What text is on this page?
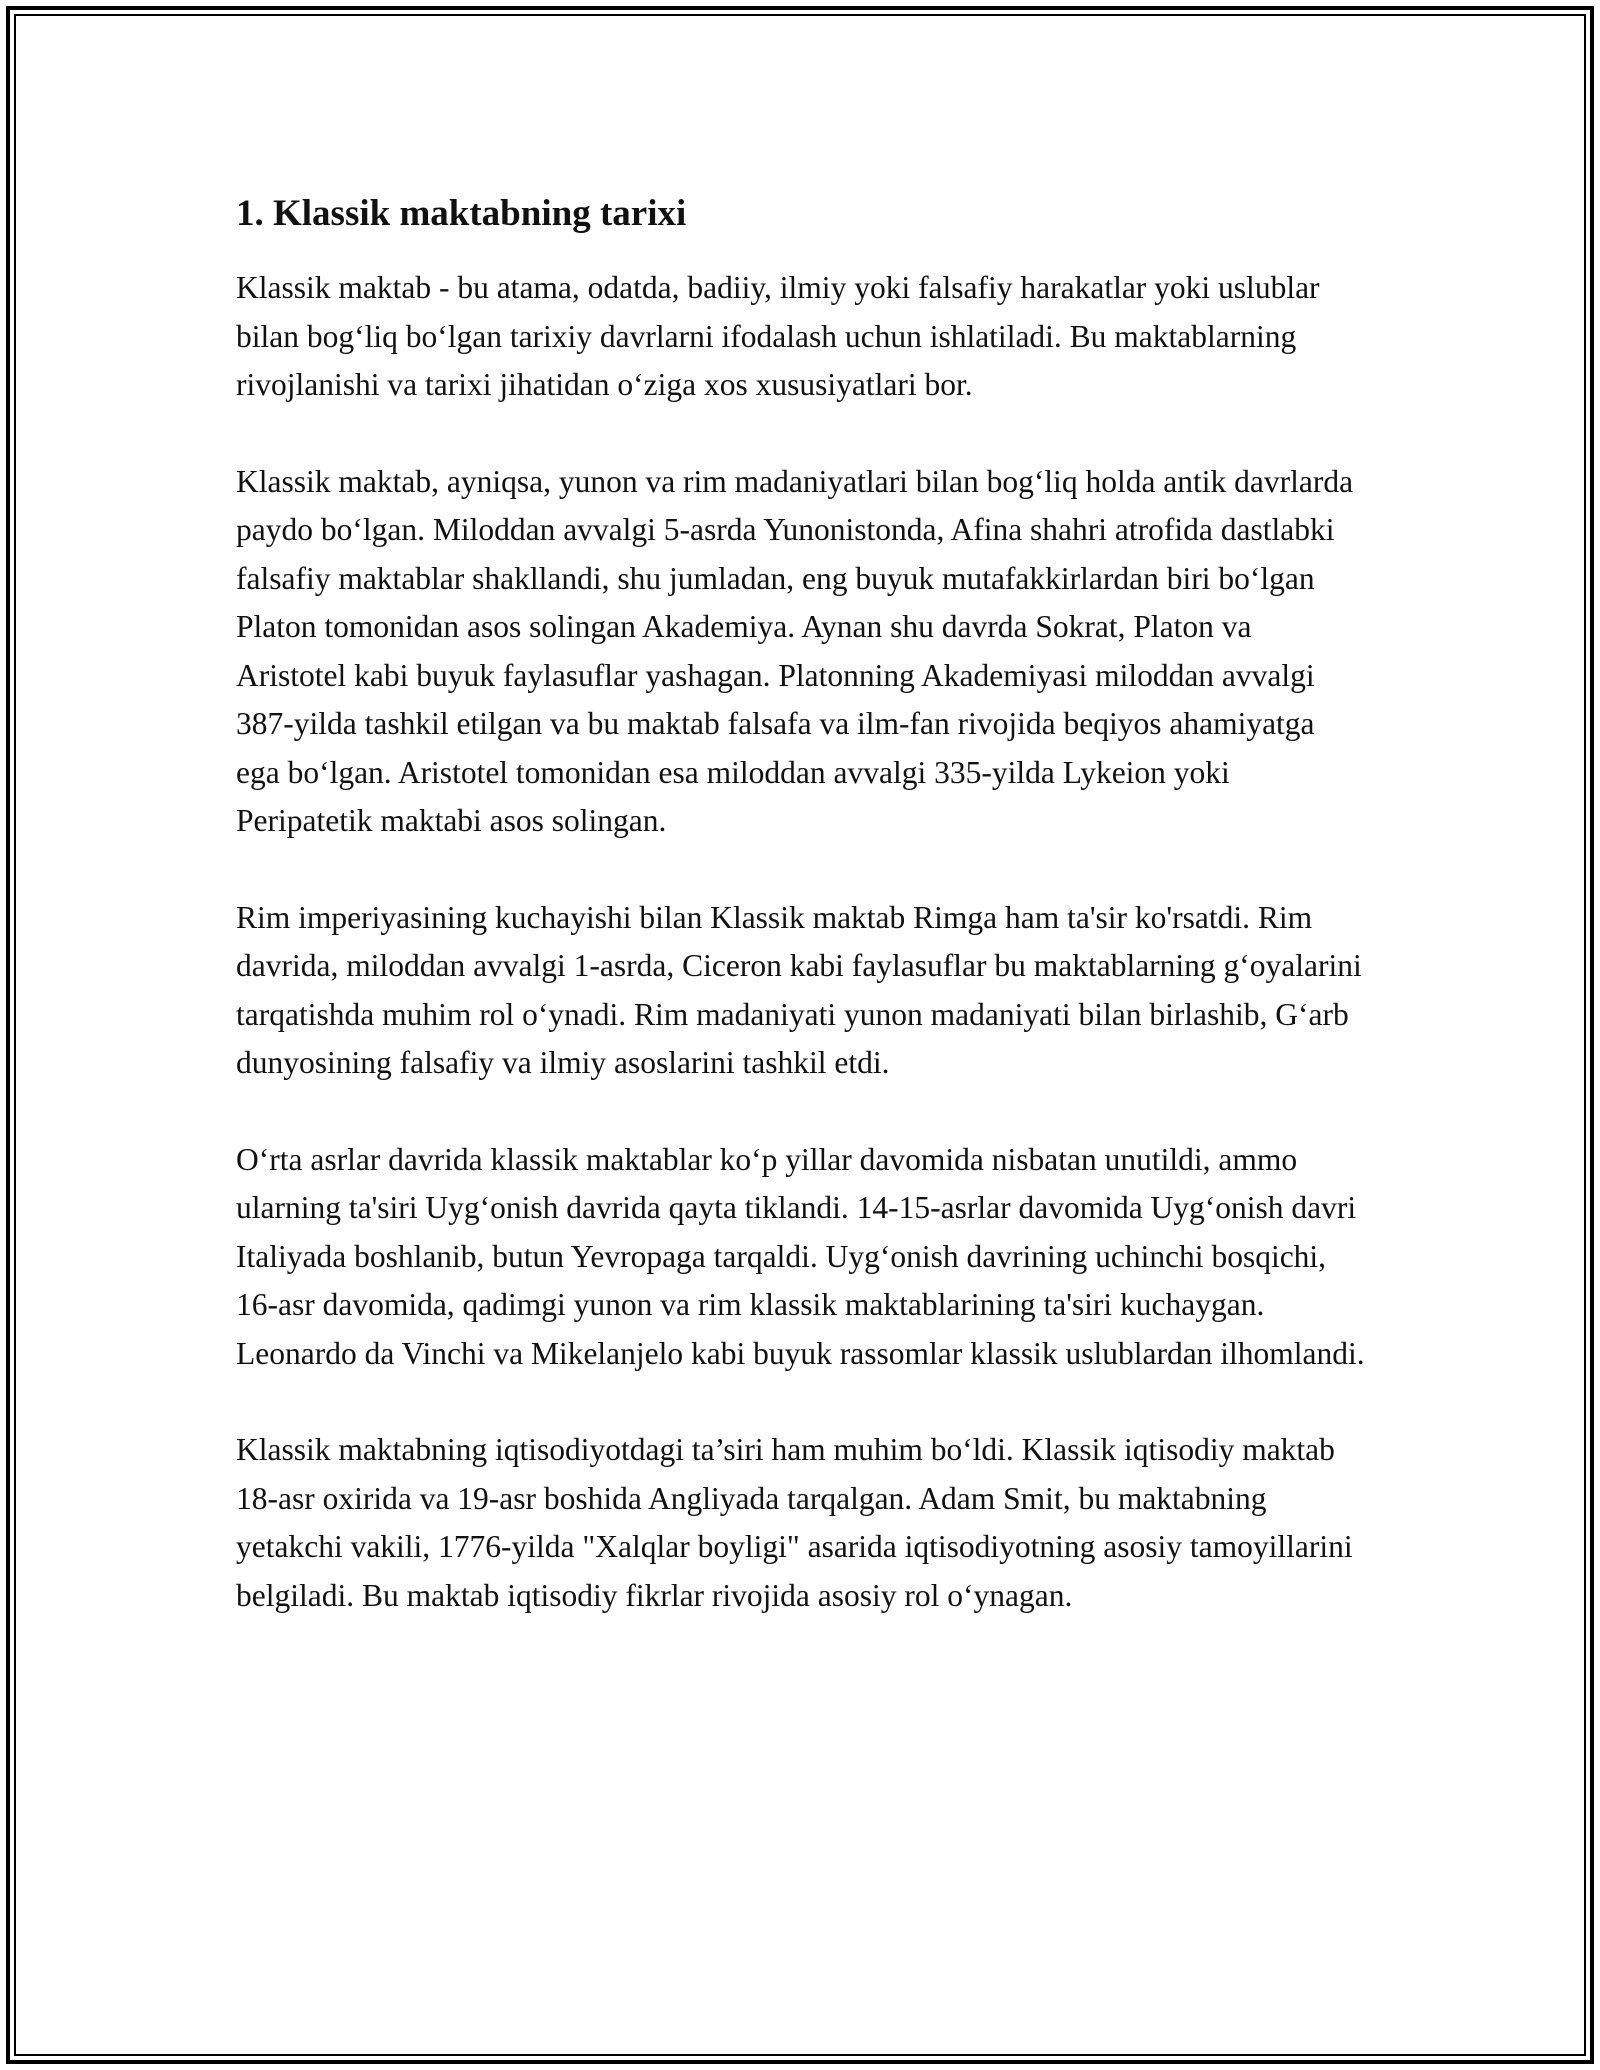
1. Klassik maktabning tarixi

Klassik maktab - bu atama, odatda, badiiy, ilmiy yoki falsafiy harakatlar yoki uslublar bilan bog‘liq bo‘lgan tarixiy davrlarni ifodalash uchun ishlatiladi. Bu maktablarning rivojlanishi va tarixi jihatidan o‘ziga xos xususiyatlari bor.

Klassik maktab, ayniqsa, yunon va rim madaniyatlari bilan bog‘liq holda antik davrlarda paydo bo‘lgan. Miloddan avvalgi 5-asrda Yunonistonda, Afina shahri atrofida dastlabki falsafiy maktablar shakllandi, shu jumladan, eng buyuk mutafakkirlardan biri bo‘lgan Platon tomonidan asos solingan Akademiya. Aynan shu davrda Sokrat, Platon va Aristotel kabi buyuk faylasuflar yashagan. Platonning Akademiyasi miloddan avvalgi 387-yilda tashkil etilgan va bu maktab falsafa va ilm-fan rivojida beqiyos ahamiyatga ega bo‘lgan. Aristotel tomonidan esa miloddan avvalgi 335-yilda Lykeion yoki Peripatetik maktabi asos solingan.

Rim imperiyasining kuchayishi bilan Klassik maktab Rimga ham ta'sir ko'rsatdi. Rim davrida, miloddan avvalgi 1-asrda, Ciceron kabi faylasuflar bu maktablarning g‘oyalarini tarqatishda muhim rol o‘ynadi. Rim madaniyati yunon madaniyati bilan birlashib, G‘arb dunyosining falsafiy va ilmiy asoslarini tashkil etdi.

O‘rta asrlar davrida klassik maktablar ko‘p yillar davomida nisbatan unutildi, ammo ularning ta'siri Uyg‘onish davrida qayta tiklandi. 14-15-asrlar davomida Uyg‘onish davri Italiyada boshlanib, butun Yevropaga tarqaldi. Uyg‘onish davrining uchinchi bosqichi, 16-asr davomida, qadimgi yunon va rim klassik maktablarining ta'siri kuchaygan. Leonardo da Vinchi va Mikelanjelo kabi buyuk rassomlar klassik uslublardan ilhomlandi.

Klassik maktabning iqtisodiyotdagi ta’siri ham muhim bo‘ldi. Klassik iqtisodiy maktab 18-asr oxirida va 19-asr boshida Angliyada tarqalgan. Adam Smit, bu maktabning yetakchi vakili, 1776-yilda "Xalqlar boyligi" asarida iqtisodiyotning asosiy tamoyillarini belgiladi. Bu maktab iqtisodiy fikrlar rivojida asosiy rol o‘ynagan.
